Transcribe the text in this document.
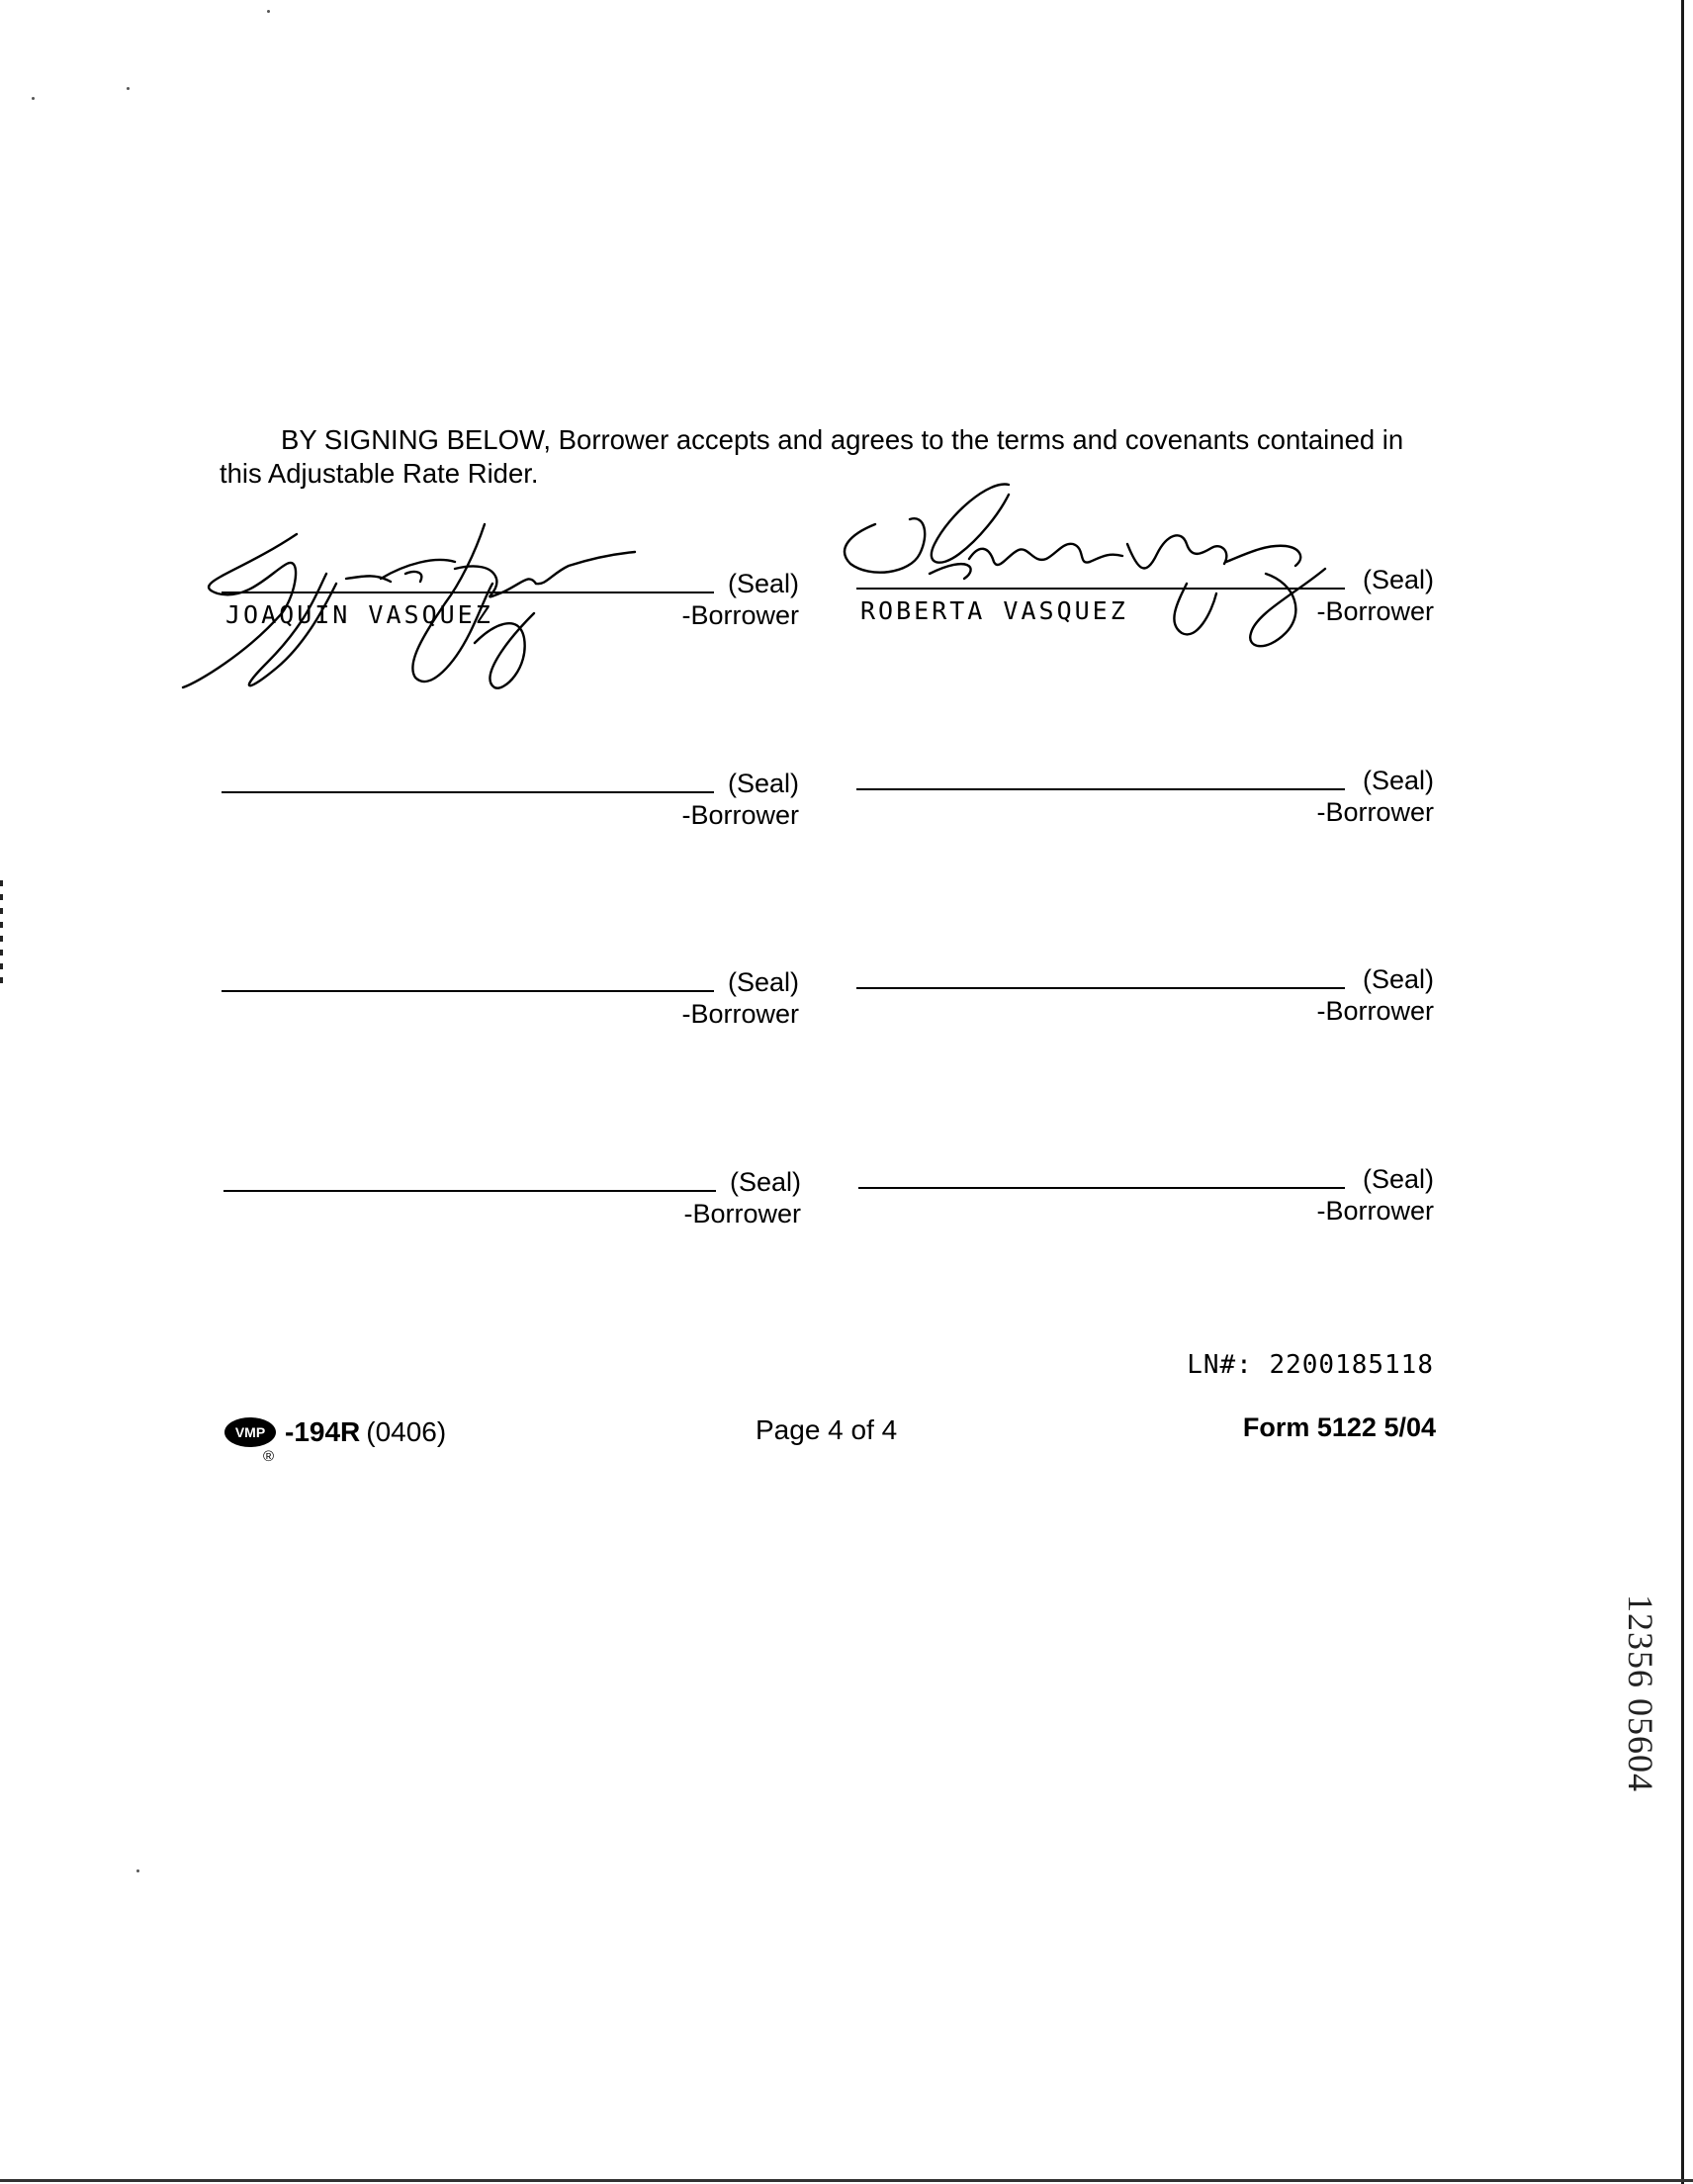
BY SIGNING BELOW, Borrower accepts and agrees to the terms and covenants contained in this Adjustable Rate Rider.

(Seal)
-Borrower
JOAQUIN VASQUEZ
(Seal)
-Borrower
ROBERTA VASQUEZ
(Seal)
-Borrower
(Seal)
-Borrower
(Seal)
-Borrower
(Seal)
-Borrower
(Seal)
-Borrower
(Seal)
-Borrower
LN#: 2200185118
VMP
®
-194R (0406)	Page 4 of 4	Form 5122 5/04
12356 05604
